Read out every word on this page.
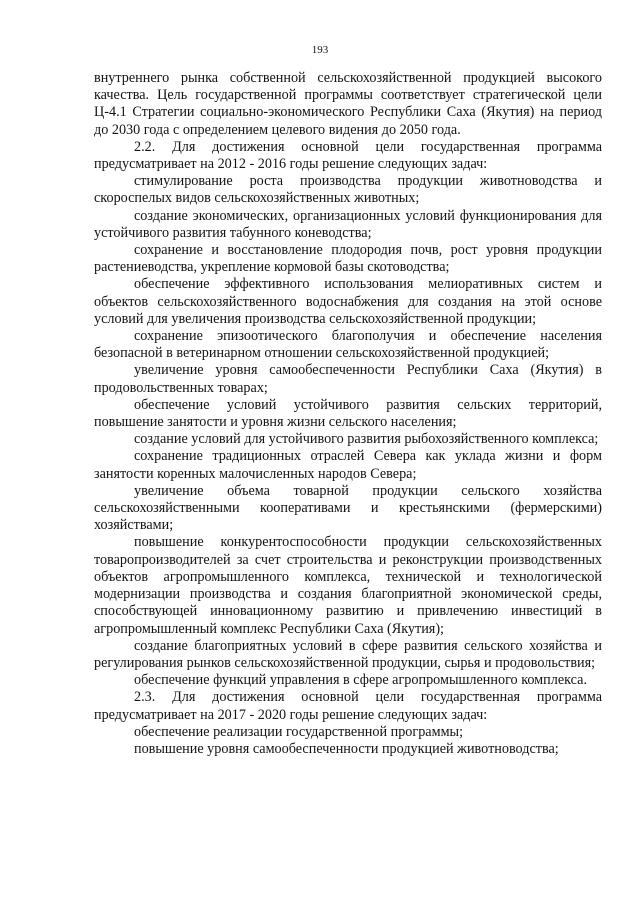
193

внутреннего рынка собственной сельскохозяйственной продукцией высокого качества. Цель государственной программы соответствует стратегической цели Ц-4.1 Стратегии социально-экономического Республики Саха (Якутия) на период до 2030 года с определением целевого видения до 2050 года.

2.2. Для достижения основной цели государственная программа предусматривает на 2012 - 2016 годы решение следующих задач:

стимулирование роста производства продукции животноводства и скороспелых видов сельскохозяйственных животных;

создание экономических, организационных условий функционирования для устойчивого развития табунного коневодства;

сохранение и восстановление плодородия почв, рост уровня продукции растениеводства, укрепление кормовой базы скотоводства;

обеспечение эффективного использования мелиоративных систем и объектов сельскохозяйственного водоснабжения для создания на этой основе условий для увеличения производства сельскохозяйственной продукции;

сохранение эпизоотического благополучия и обеспечение населения безопасной в ветеринарном отношении сельскохозяйственной продукцией;

увеличение уровня самообеспеченности Республики Саха (Якутия) в продовольственных товарах;

обеспечение условий устойчивого развития сельских территорий, повышение занятости и уровня жизни сельского населения;

создание условий для устойчивого развития рыбохозяйственного комплекса;

сохранение традиционных отраслей Севера как уклада жизни и форм занятости коренных малочисленных народов Севера;

увеличение объема товарной продукции сельского хозяйства сельскохозяйственными кооперативами и крестьянскими (фермерскими) хозяйствами;

повышение конкурентоспособности продукции сельскохозяйственных товаропроизводителей за счет строительства и реконструкции производственных объектов агропромышленного комплекса, технической и технологической модернизации производства и создания благоприятной экономической среды, способствующей инновационному развитию и привлечению инвестиций в агропромышленный комплекс Республики Саха (Якутия);

создание благоприятных условий в сфере развития сельского хозяйства и регулирования рынков сельскохозяйственной продукции, сырья и продовольствия;

обеспечение функций управления в сфере агропромышленного комплекса.

2.3. Для достижения основной цели государственная программа предусматривает на 2017 - 2020 годы решение следующих задач:

обеспечение реализации государственной программы;

повышение уровня самообеспеченности продукцией животноводства;
